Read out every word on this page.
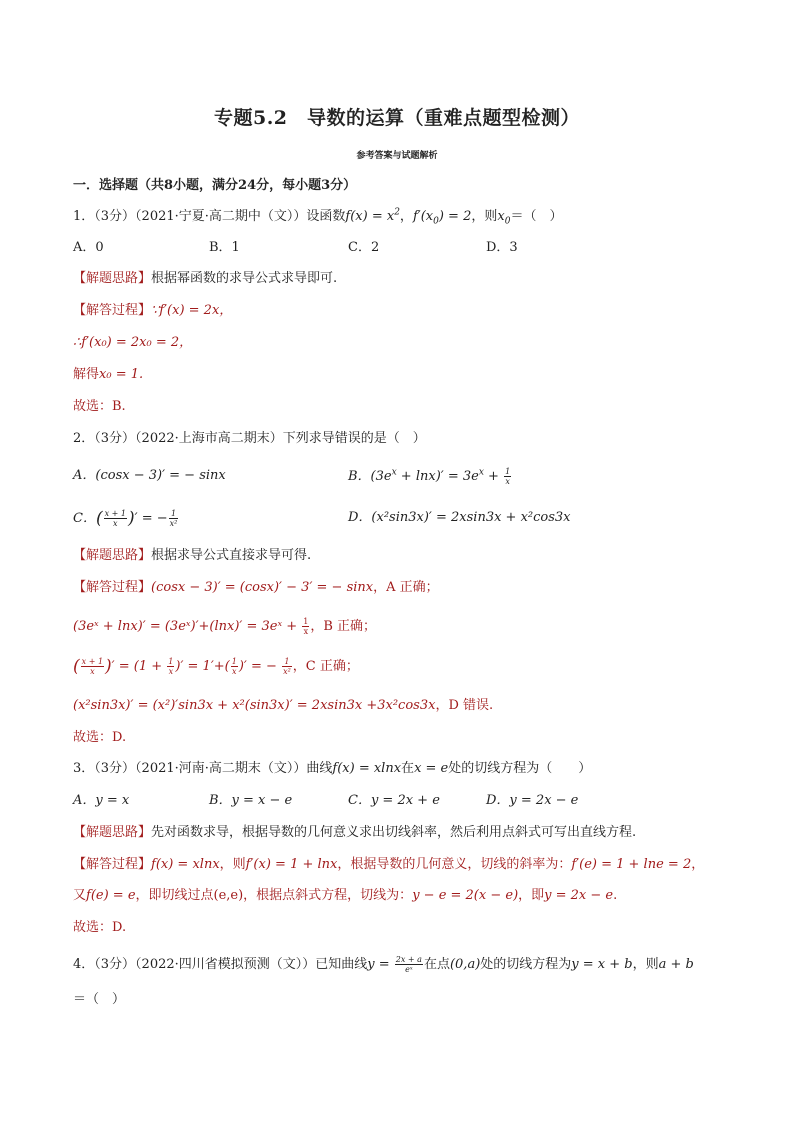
专题5.2　导数的运算（重难点题型检测）
参考答案与试题解析
一．选择题（共8小题，满分24分，每小题3分）
1．（3分）（2021·宁夏·高二期中（文））设函数$f(x) = x^2$，$f'(x_0) = 2$，则$x_0=$（　）
A．0	B．1	C．2	D．3
【解题思路】根据幂函数的求导公式求导即可.
【解答过程】∵f′(x) = 2x，
∴f′(x₀) = 2x₀ = 2，
解得x₀ = 1.
故选：B.
2．（3分）（2022·上海市高二期末）下列求导错误的是（　）
A．(cosx − 3)′ = − sinx	B．$(3e^x + \ln x)' = 3e^x + \frac{1}{x}$
C．( $\frac{x + 1}{x}$ )′ = − $\frac{1}{\text{x²}}$	D．(x²sin3x)′ = 2xsin3x + x²cos3x
【解题思路】根据求导公式直接求导可得.
【解答过程】(cosx − 3)′ = (cosx)′ − 3′ = − sinx，A 正确；
(3eˣ + lnx)′ = (3eˣ)′+(lnx)′ = 3eˣ + $\frac{1}{x}$ ，B 正确；
( $\frac{x + 1}{x}$ )′ = ($1 + \frac{1}{x}$ )′ = $1'+( \frac{1}{x}$ )′ = − $\frac{1}{\text{x²}}$ ，C 正确；
(x²sin3x)′ = (x²)′sin3x + x²(sin3x)′ = 2xsin3x +3x²cos3x，D 错误.
故选：D.
3．（3分）（2021·河南·高二期末（文））曲线f(x) = xlnx在x = e处的切线方程为（　　）
A．y = x	B．y = x − e	C．y = 2x + e	D．y = 2x − e
【解题思路】先对函数求导，根据导数的几何意义求出切线斜率，然后利用点斜式可写出直线方程.
【解答过程】f(x) = xlnx，则f′(x) = 1 + lnx，根据导数的几何意义，切线的斜率为：f′(e) = 1 + lne = 2，
又f(e) = e，即切线过点(e,e)，根据点斜式方程，切线为：y − e = 2(x − e)，即y = 2x − e.
故选：D.
4．（3分）（2022·四川省模拟预测（文））已知曲线$y = \frac{2x + a}{\text{eˣ}}$ 在点(0,a)处的切线方程为y = x + b，则a + b
＝（　）
